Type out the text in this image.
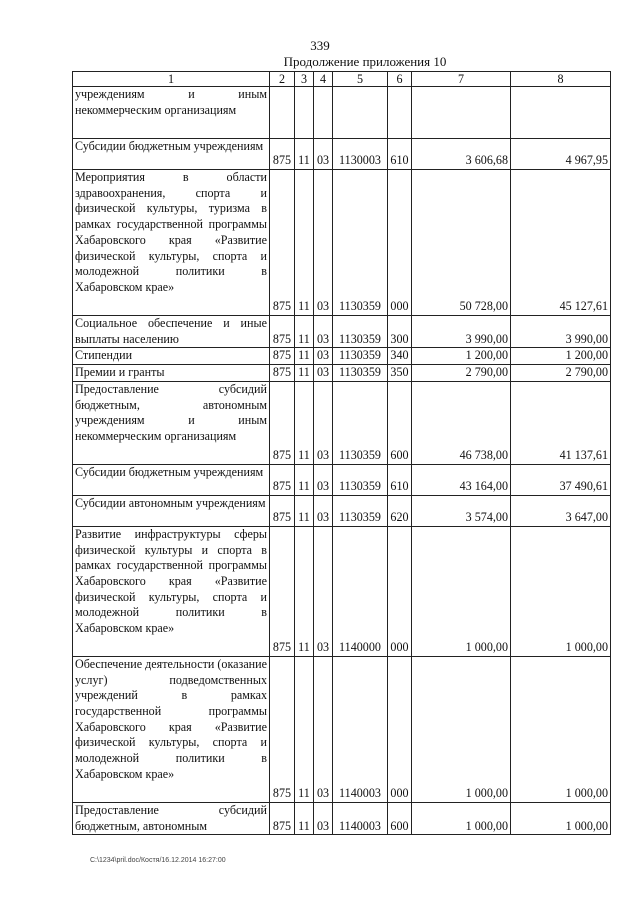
339
Продолжение приложения 10
1	2	3	4	5	6	7	8
учреждениям и иным некоммерческим организациям							
Субсидии бюджетным учреждениям	875	11	03	1130003	610	3 606,68	4 967,95
Мероприятия в области здравоохранения, спорта и физической культуры, туризма в рамках государственной программы Хабаровского края «Развитие физической культуры, спорта и молодежной политики в Хабаровском крае»	875	11	03	1130359	000	50 728,00	45 127,61
Социальное обеспечение и иные выплаты населению	875	11	03	1130359	300	3 990,00	3 990,00
Стипендии	875	11	03	1130359	340	1 200,00	1 200,00
Премии и гранты	875	11	03	1130359	350	2 790,00	2 790,00
Предоставление субсидий бюджетным, автономным учреждениям и иным некоммерческим организациям	875	11	03	1130359	600	46 738,00	41 137,61
Субсидии бюджетным учреждениям	875	11	03	1130359	610	43 164,00	37 490,61
Субсидии автономным учреждениям	875	11	03	1130359	620	3 574,00	3 647,00
Развитие инфраструктуры сферы физической культуры и спорта в рамках государственной программы Хабаровского края «Развитие физической культуры, спорта и молодежной политики в Хабаровском крае»	875	11	03	1140000	000	1 000,00	1 000,00
Обеспечение деятельности (оказание услуг) подведомственных учреждений в рамках государственной программы Хабаровского края «Развитие физической культуры, спорта и молодежной политики в Хабаровском крае»	875	11	03	1140003	000	1 000,00	1 000,00
Предоставление субсидий бюджетным, автономным	875	11	03	1140003	600	1 000,00	1 000,00
C:\1234\pril.doc/Костя/16.12.2014 16:27:00
